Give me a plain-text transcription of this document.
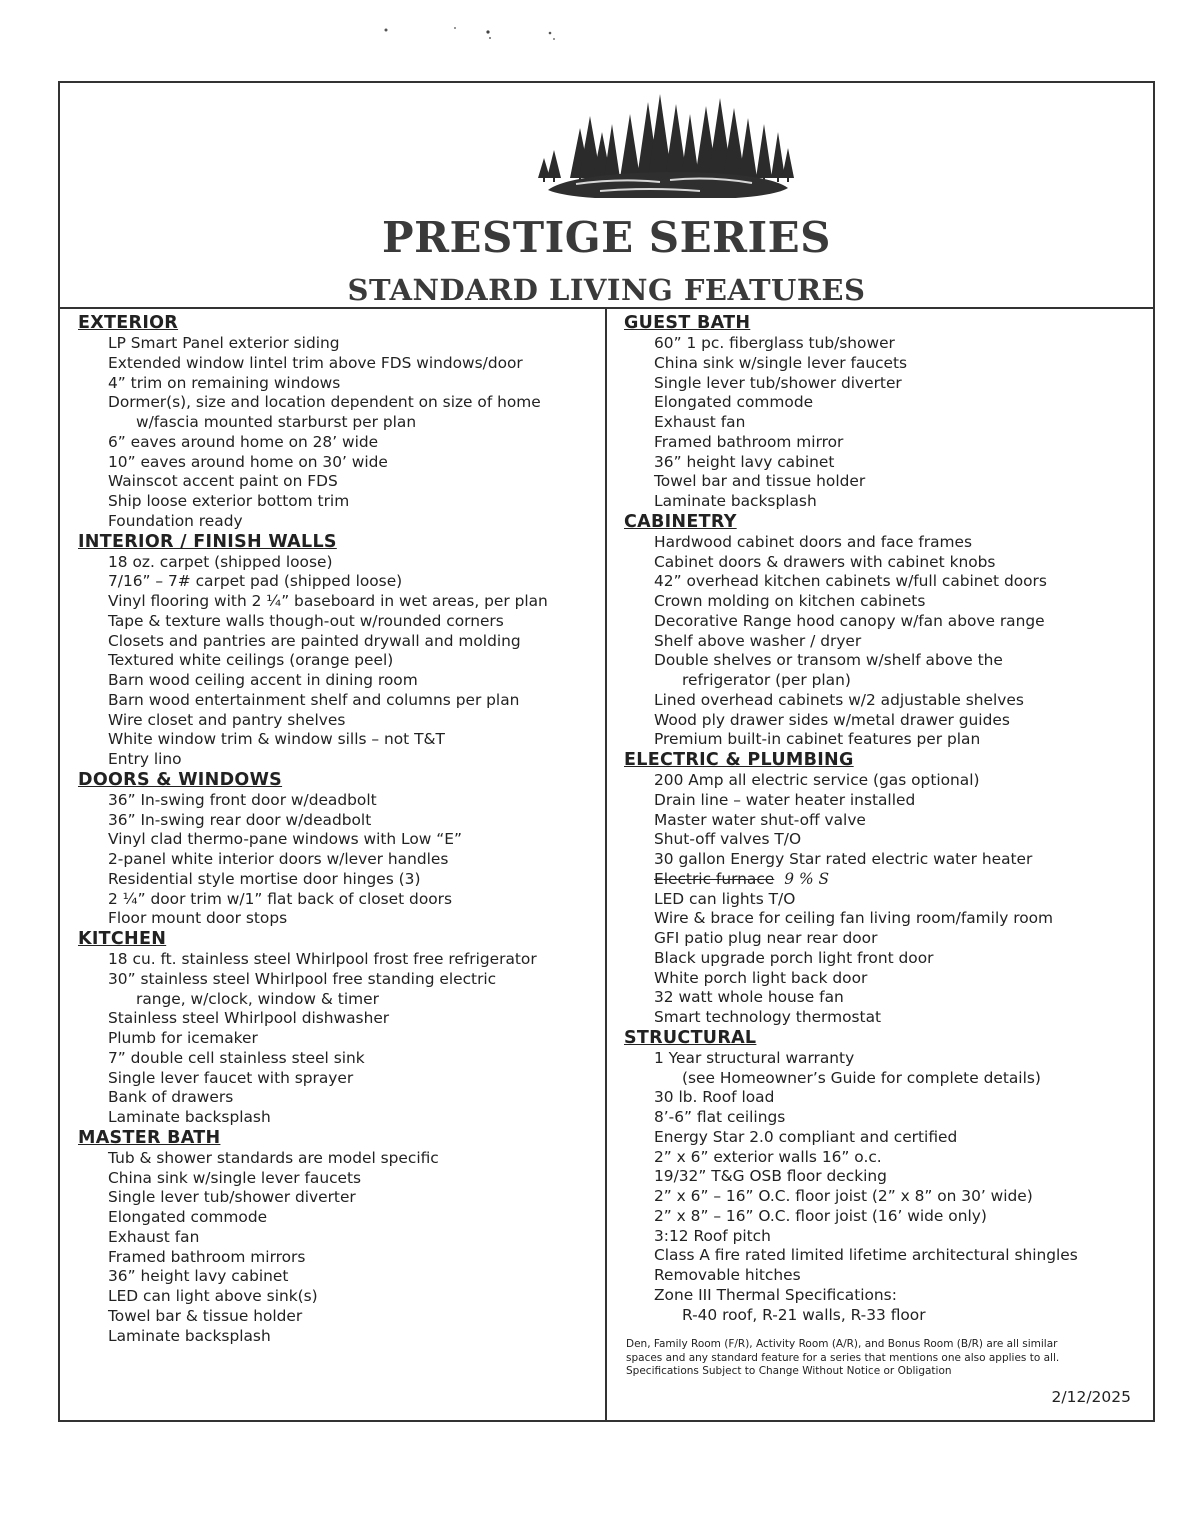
PRESTIGE SERIES
STANDARD LIVING FEATURES
EXTERIOR
LP Smart Panel exterior siding
Extended window lintel trim above FDS windows/door
4” trim on remaining windows
Dormer(s), size and location dependent on size of home
w/fascia mounted starburst per plan
6” eaves around home on 28’ wide
10” eaves around home on 30’ wide
Wainscot accent paint on FDS
Ship loose exterior bottom trim
Foundation ready
INTERIOR / FINISH WALLS
18 oz. carpet (shipped loose)
7/16” – 7# carpet pad (shipped loose)
Vinyl flooring with 2 ¼” baseboard in wet areas, per plan
Tape & texture walls though-out w/rounded corners
Closets and pantries are painted drywall and molding
Textured white ceilings (orange peel)
Barn wood ceiling accent in dining room
Barn wood entertainment shelf and columns per plan
Wire closet and pantry shelves
White window trim & window sills – not T&T
Entry lino
DOORS & WINDOWS
36” In-swing front door w/deadbolt
36” In-swing rear door w/deadbolt
Vinyl clad thermo-pane windows with Low “E”
2-panel white interior doors w/lever handles
Residential style mortise door hinges (3)
2 ¼” door trim w/1” flat back of closet doors
Floor mount door stops
KITCHEN
18 cu. ft. stainless steel Whirlpool frost free refrigerator
30” stainless steel Whirlpool free standing electric
range, w/clock, window & timer
Stainless steel Whirlpool dishwasher
Plumb for icemaker
7” double cell stainless steel sink
Single lever faucet with sprayer
Bank of drawers
Laminate backsplash
MASTER BATH
Tub & shower standards are model specific
China sink w/single lever faucets
Single lever tub/shower diverter
Elongated commode
Exhaust fan
Framed bathroom mirrors
36” height lavy cabinet
LED can light above sink(s)
Towel bar & tissue holder
Laminate backsplash
GUEST BATH
60” 1 pc. fiberglass tub/shower
China sink w/single lever faucets
Single lever tub/shower diverter
Elongated commode
Exhaust fan
Framed bathroom mirror
36” height lavy cabinet
Towel bar and tissue holder
Laminate backsplash
CABINETRY
Hardwood cabinet doors and face frames
Cabinet doors & drawers with cabinet knobs
42” overhead kitchen cabinets w/full cabinet doors
Crown molding on kitchen cabinets
Decorative Range hood canopy w/fan above range
Shelf above washer / dryer
Double shelves or transom w/shelf above the
refrigerator (per plan)
Lined overhead cabinets w/2 adjustable shelves
Wood ply drawer sides w/metal drawer guides
Premium built-in cabinet features per plan
ELECTRIC & PLUMBING
200 Amp all electric service (gas optional)
Drain line – water heater installed
Master water shut-off valve
Shut-off valves T/O
30 gallon Energy Star rated electric water heater
Electric furnace 9 % S
LED can lights T/O
Wire & brace for ceiling fan living room/family room
GFI patio plug near rear door
Black upgrade porch light front door
White porch light back door
32 watt whole house fan
Smart technology thermostat
STRUCTURAL
1 Year structural warranty
(see Homeowner’s Guide for complete details)
30 lb. Roof load
8’-6” flat ceilings
Energy Star 2.0 compliant and certified
2” x 6” exterior walls 16” o.c.
19/32” T&G OSB floor decking
2” x 6” – 16” O.C. floor joist (2” x 8” on 30’ wide)
2” x 8” – 16” O.C. floor joist (16’ wide only)
3:12 Roof pitch
Class A fire rated limited lifetime architectural shingles
Removable hitches
Zone III Thermal Specifications:
R-40 roof, R-21 walls, R-33 floor
Den, Family Room (F/R), Activity Room (A/R), and Bonus Room (B/R) are all similar
spaces and any standard feature for a series that mentions one also applies to all.
Specifications Subject to Change Without Notice or Obligation
2/12/2025
